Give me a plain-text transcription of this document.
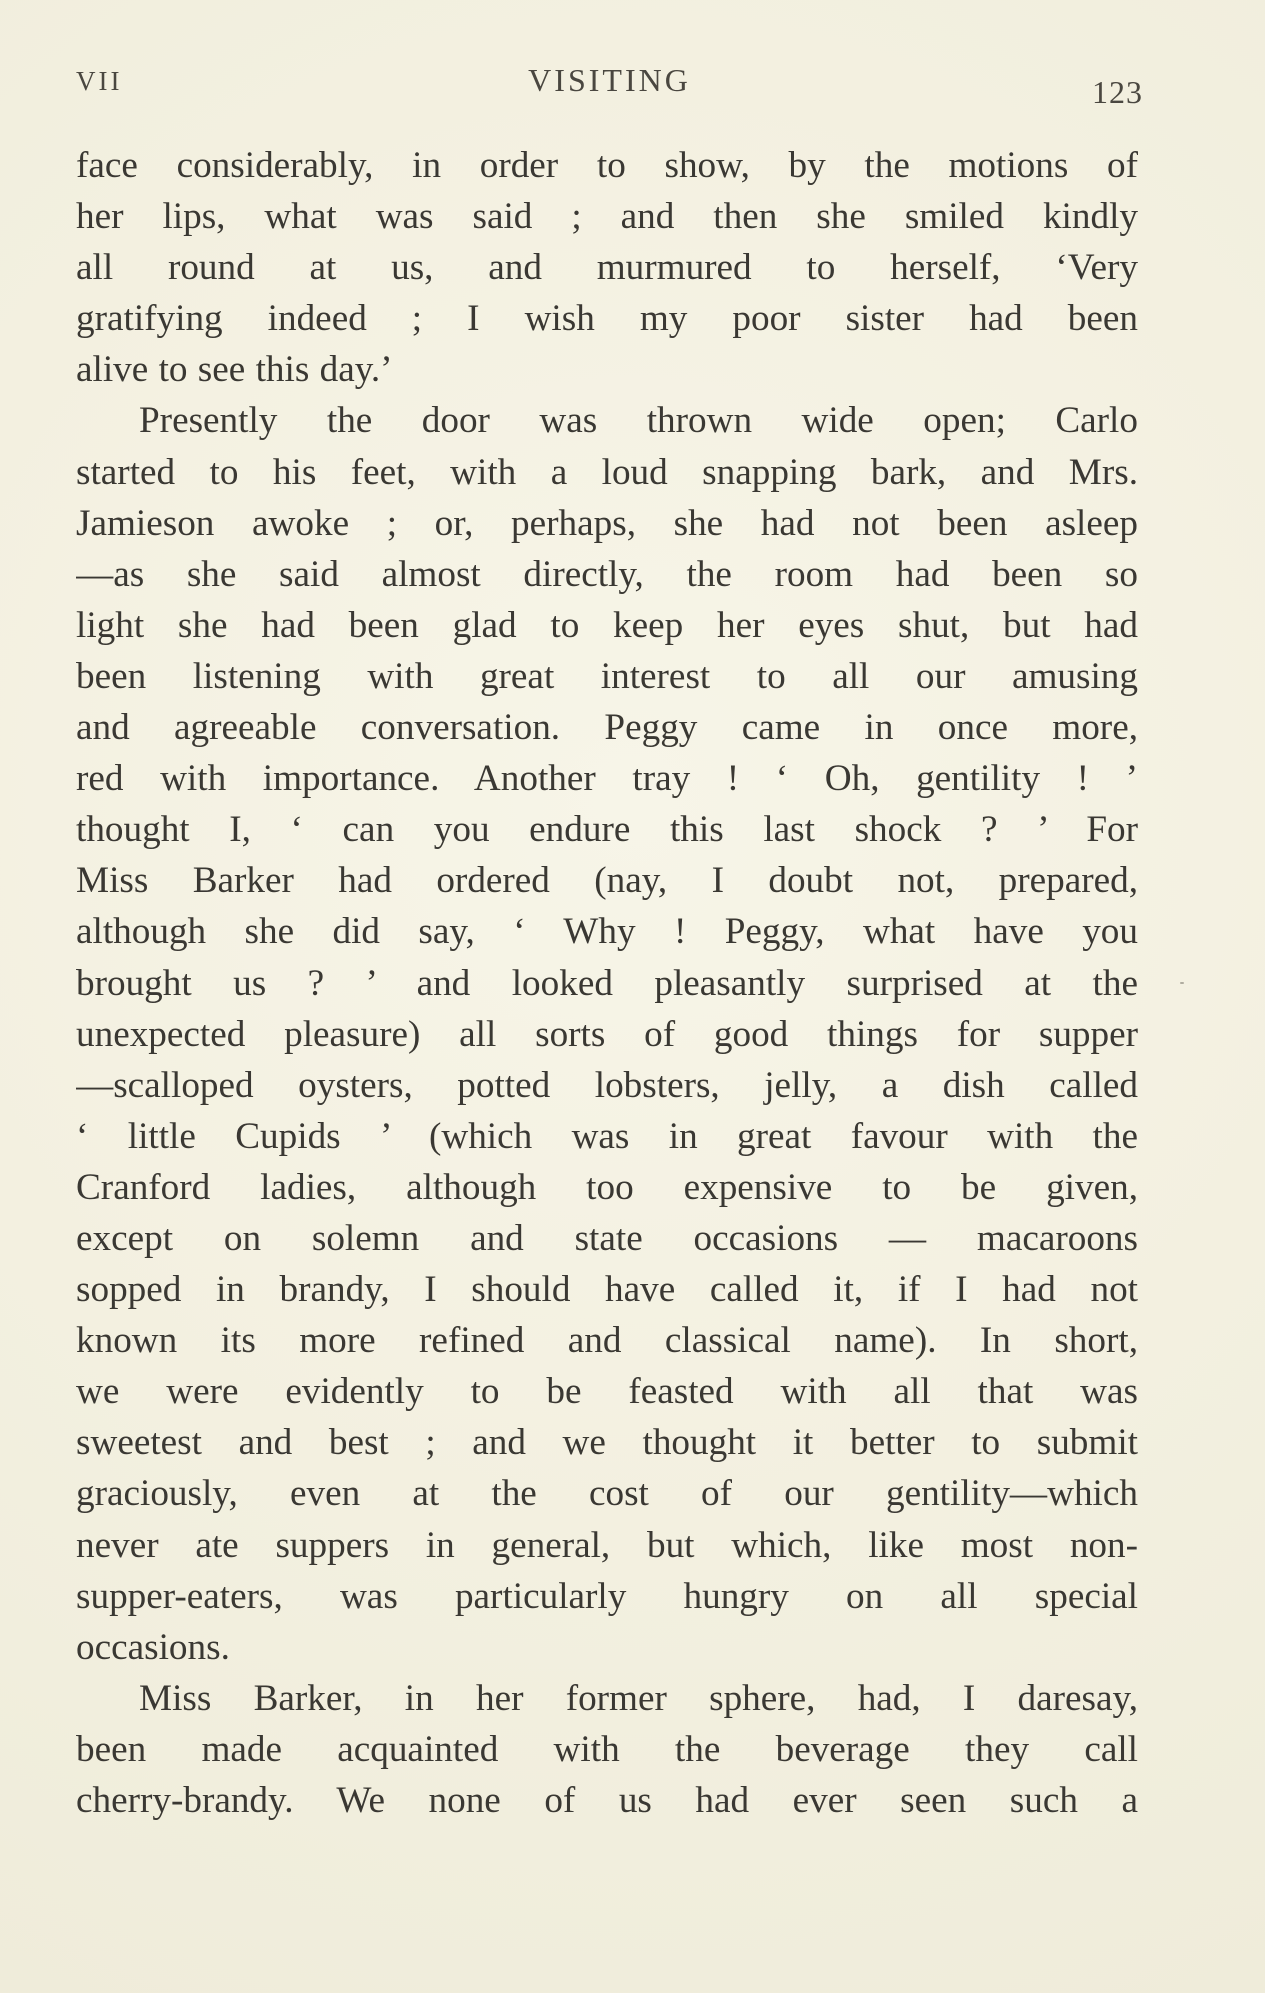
VII	VISITING	123
face considerably, in order to show, by the motions of
her lips, what was said ; and then she smiled kindly
all round at us, and murmured to herself, ‘Very
gratifying indeed ; I wish my poor sister had been
alive to see this day.’
Presently the door was thrown wide open; Carlo
started to his feet, with a loud snapping bark, and Mrs.
Jamieson awoke ; or, perhaps, she had not been asleep
—as she said almost directly, the room had been so
light she had been glad to keep her eyes shut, but had
been listening with great interest to all our amusing
and agreeable conversation. Peggy came in once more,
red with importance. Another tray ! ‘ Oh, gentility ! ’
thought I, ‘ can you endure this last shock ? ’ For
Miss Barker had ordered (nay, I doubt not, prepared,
although she did say, ‘ Why ! Peggy, what have you
brought us ? ’ and looked pleasantly surprised at the
unexpected pleasure) all sorts of good things for supper
—scalloped oysters, potted lobsters, jelly, a dish called
‘ little Cupids ’ (which was in great favour with the
Cranford ladies, although too expensive to be given,
except on solemn and state occasions — macaroons
sopped in brandy, I should have called it, if I had not
known its more refined and classical name). In short,
we were evidently to be feasted with all that was
sweetest and best ; and we thought it better to submit
graciously, even at the cost of our gentility—which
never ate suppers in general, but which, like most non-
supper-eaters, was particularly hungry on all special
occasions.
Miss Barker, in her former sphere, had, I daresay,
been made acquainted with the beverage they call
cherry-brandy. We none of us had ever seen such a
